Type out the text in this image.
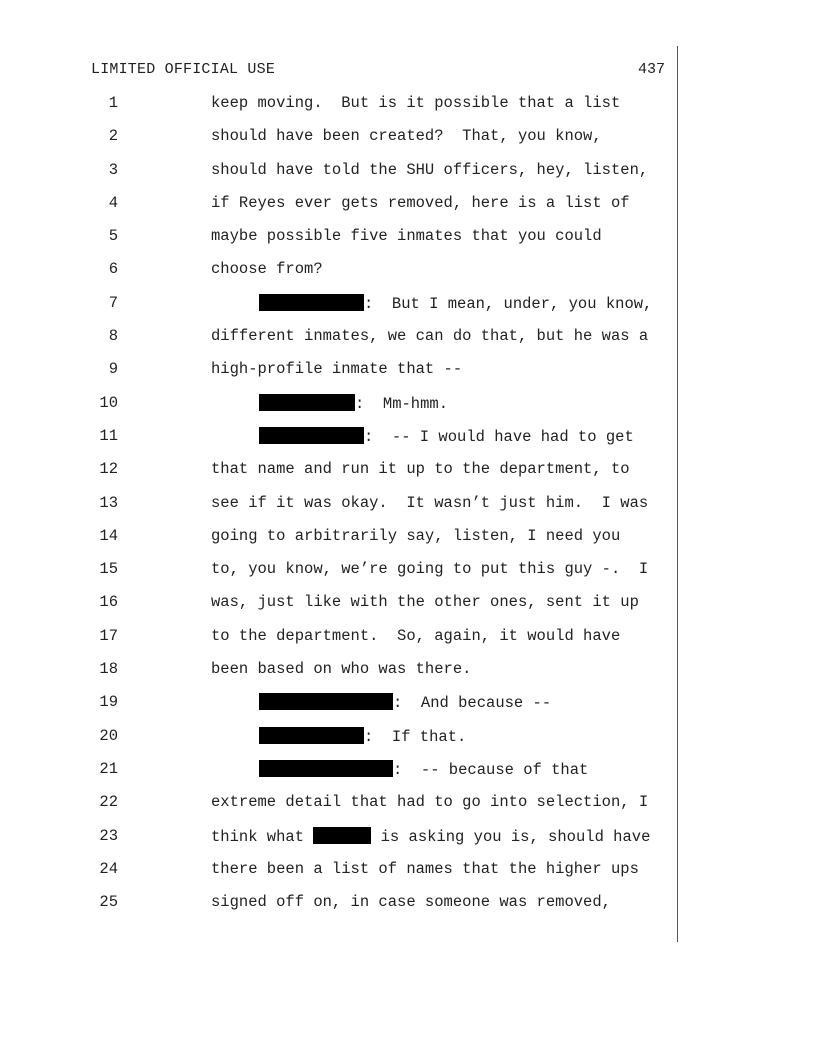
LIMITED OFFICIAL USE	437
1	keep moving.  But is it possible that a list
2	should have been created?  That, you know,
3	should have told the SHU officers, hey, listen,
4	if Reyes ever gets removed, here is a list of
5	maybe possible five inmates that you could
6	choose from?
7	:  But I mean, under, you know,
8	different inmates, we can do that, but he was a
9	high-profile inmate that --
10	:  Mm-hmm.
11	:  -- I would have had to get
12	that name and run it up to the department, to
13	see if it was okay.  It wasn’t just him.  I was
14	going to arbitrarily say, listen, I need you
15	to, you know, we’re going to put this guy -.  I
16	was, just like with the other ones, sent it up
17	to the department.  So, again, it would have
18	been based on who was there.
19	:  And because --
20	:  If that.
21	:  -- because of that
22	extreme detail that had to go into selection, I
23	think what	is asking you is, should have
24	there been a list of names that the higher ups
25	signed off on, in case someone was removed,
